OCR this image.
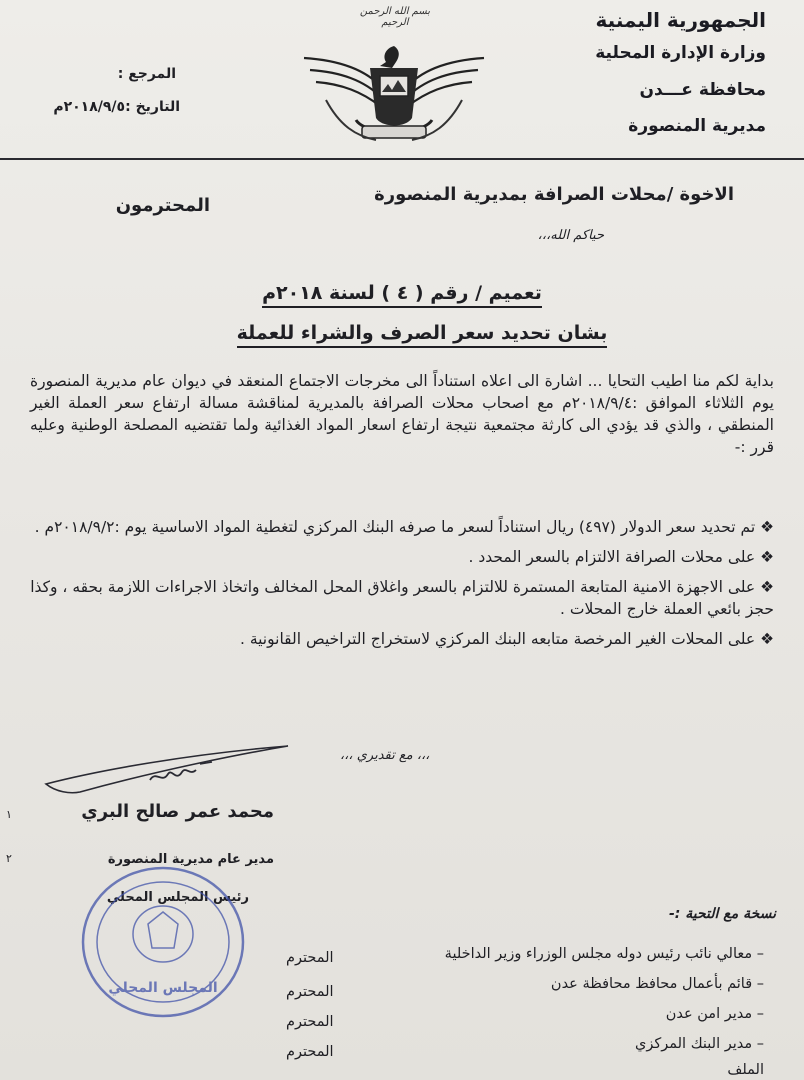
الجمهورية اليمنية
وزارة الإدارة المحلية
محافظة عـــدن
مديرية المنصورة
بسم الله الرحمن الرحيم
المرجع :
التاريخ :٢٠١٨/٩/٥م
الاخوة /محلات الصرافة بمديرية المنصورة
المحترمون
حياكم الله،،،
تعميم / رقم ( ٤ ) لسنة ٢٠١٨م
بشان تحديد سعر الصرف والشراء للعملة
بداية لكم منا اطيب التحايا ... اشارة الى اعلاه استناداً الى مخرجات الاجتماع المنعقد في ديوان عام مديرية المنصورة يوم الثلاثاء الموافق :٢٠١٨/٩/٤م مع اصحاب محلات الصرافة بالمديرية لمناقشة مسالة ارتفاع سعر العملة الغير المنطقي ، والذي قد يؤدي الى كارثة مجتمعية نتيجة ارتفاع اسعار المواد الغذائية ولما تقتضيه المصلحة الوطنية وعليه قرر :-
❖ تم تحديد سعر الدولار (٤٩٧) ريال استناداً لسعر ما صرفه البنك المركزي لتغطية المواد الاساسية يوم :٢٠١٨/٩/٢م .
❖ على محلات الصرافة الالتزام بالسعر المحدد .
❖ على الاجهزة الامنية المتابعة المستمرة للالتزام بالسعر واغلاق المحل المخالف واتخاذ الاجراءات اللازمة بحقه ، وكذا حجز بائعي العملة خارج المحلات .
❖ على المحلات الغير المرخصة متابعه البنك المركزي لاستخراج التراخيص القانونية .
،،، مع تقديري ،،،
محمد عمر صالح البري
مدير عام مديرية المنصورة
رئيس المجلس المحلي
المجلس المحلي
نسخة مع التحية :-
– معالي نائب رئيس دوله مجلس الوزراء وزير الداخلية
المحترم
– قائم بأعمال محافظ محافظة عدن
المحترم
– مدير امن عدن
المحترم
– مدير البنك المركزي
المحترم
الملف
١
٢
